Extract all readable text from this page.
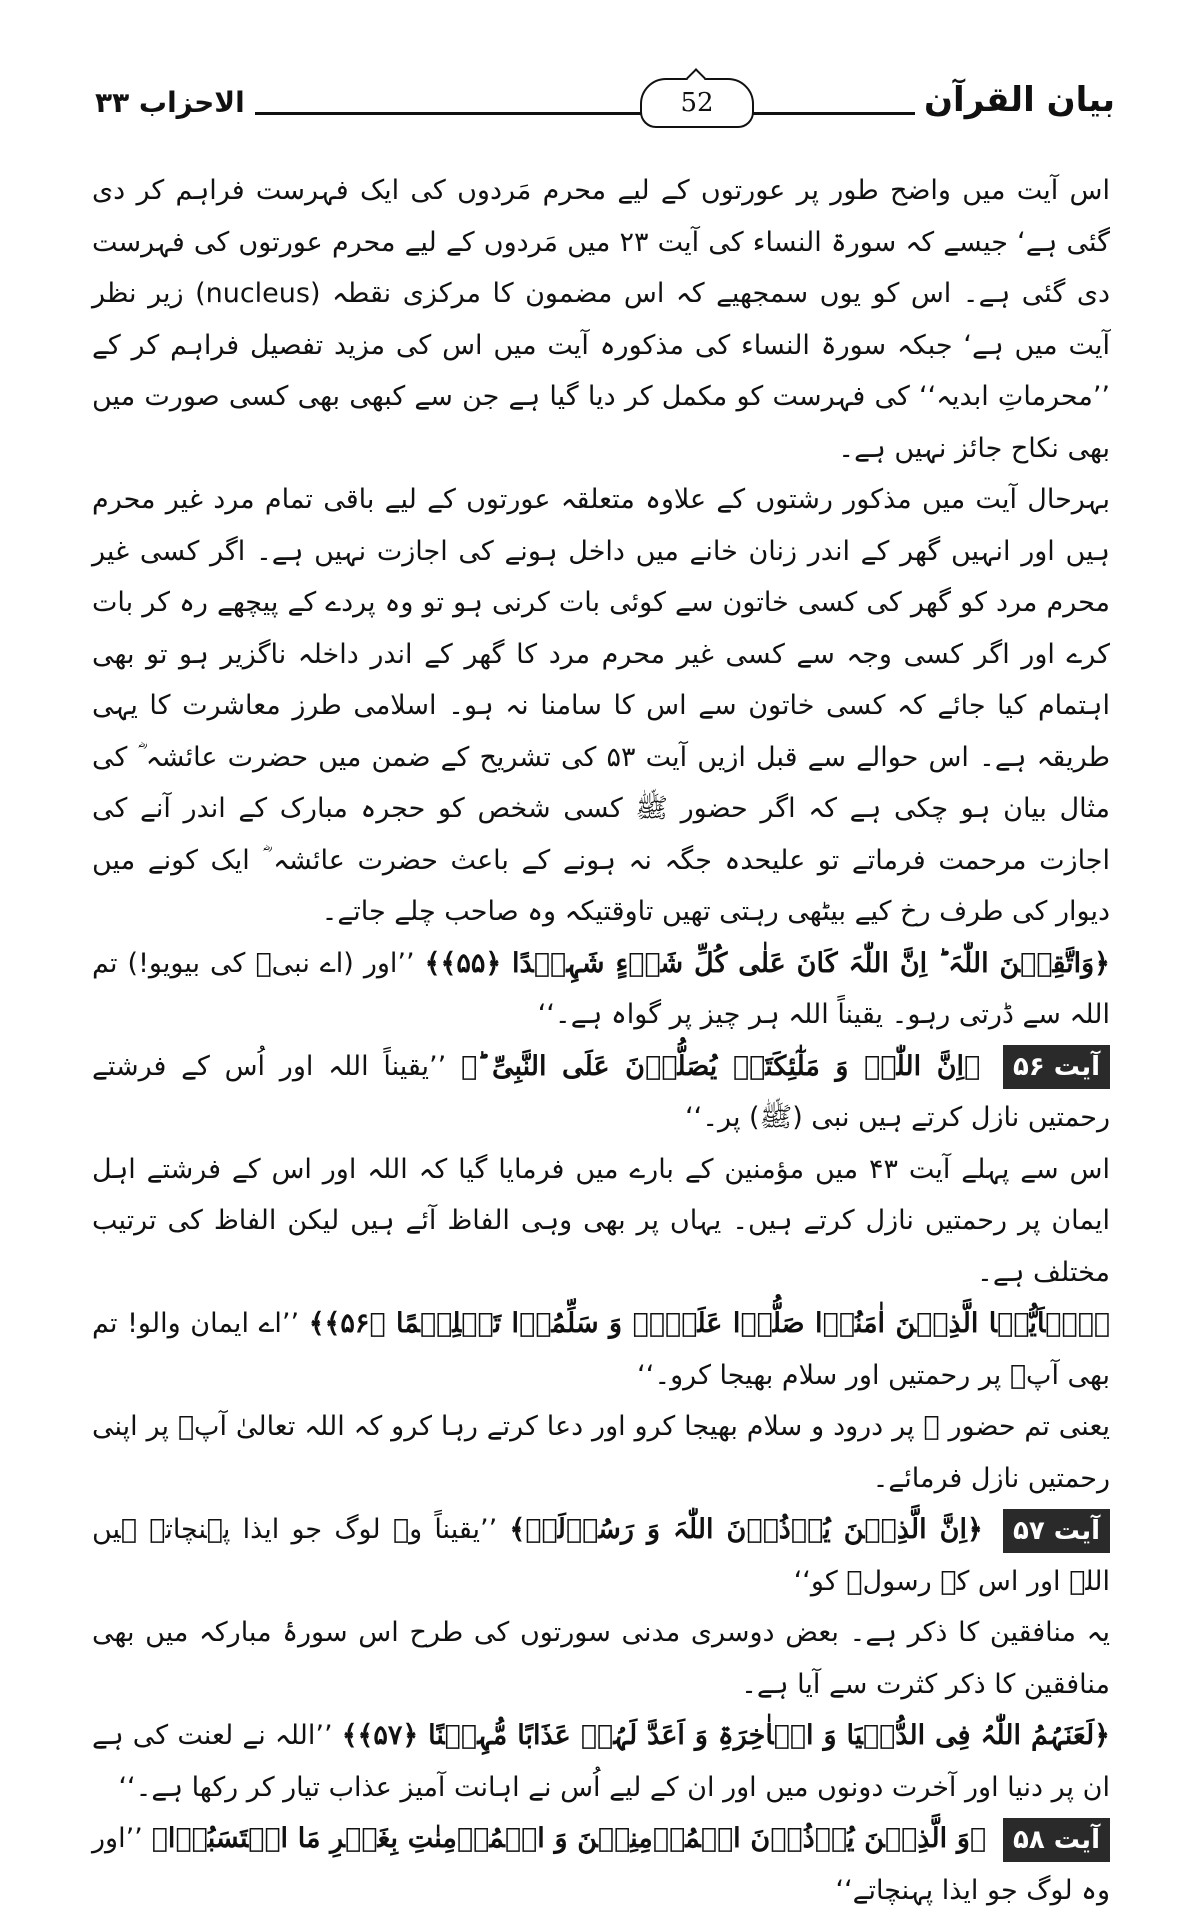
الاحزاب ۳۳	52	بیان القرآن

اس آیت میں واضح طور پر عورتوں کے لیے محرم مَردوں کی ایک فہرست فراہم کر دی گئی ہے‘ جیسے کہ سورۃ النساء کی آیت ۲۳ میں مَردوں کے لیے محرم عورتوں کی فہرست دی گئی ہے۔ اس کو یوں سمجھیے کہ اس مضمون کا مرکزی نقطہ (nucleus) زیر نظر آیت میں ہے‘ جبکہ سورۃ النساء کی مذکورہ آیت میں اس کی مزید تفصیل فراہم کر کے ’’محرماتِ ابدیہ‘‘ کی فہرست کو مکمل کر دیا گیا ہے جن سے کبھی بھی کسی صورت میں بھی نکاح جائز نہیں ہے۔

بہرحال آیت میں مذکور رشتوں کے علاوہ متعلقہ عورتوں کے لیے باقی تمام مرد غیر محرم ہیں اور انہیں گھر کے اندر زنان خانے میں داخل ہونے کی اجازت نہیں ہے۔ اگر کسی غیر محرم مرد کو گھر کی کسی خاتون سے کوئی بات کرنی ہو تو وہ پردے کے پیچھے رہ کر بات کرے اور اگر کسی وجہ سے کسی غیر محرم مرد کا گھر کے اندر داخلہ ناگزیر ہو تو بھی اہتمام کیا جائے کہ کسی خاتون سے اس کا سامنا نہ ہو۔ اسلامی طرز معاشرت کا یہی طریقہ ہے۔ اس حوالے سے قبل ازیں آیت ۵۳ کی تشریح کے ضمن میں حضرت عائشہ ؓ کی مثال بیان ہو چکی ہے کہ اگر حضور ﷺ کسی شخص کو حجرہ مبارک کے اندر آنے کی اجازت مرحمت فرماتے تو علیحدہ جگہ نہ ہونے کے باعث حضرت عائشہ ؓ ایک کونے میں دیوار کی طرف رخ کیے بیٹھی رہتی تھیں تاوقتیکہ وہ صاحب چلے جاتے۔

﴿وَاتَّقِیۡنَ اللّٰہَ ؕ اِنَّ اللّٰہَ کَانَ عَلٰی کُلِّ شَیۡءٍ شَہِیۡدًا ﴿۵۵﴾﴾ ’’اور (اے نبیؐ کی بیویو!) تم اللہ سے ڈرتی رہو۔ یقیناً اللہ ہر چیز پر گواہ ہے۔‘‘

آیت ۵۶ ﴿اِنَّ اللّٰہَ وَ مَلٰٓئِکَتَہٗ یُصَلُّوۡنَ عَلَی النَّبِیِّ ؕ﴾ ’’یقیناً اللہ اور اُس کے فرشتے رحمتیں نازل کرتے ہیں نبی (ﷺ) پر۔‘‘

اس سے پہلے آیت ۴۳ میں مؤمنین کے بارے میں فرمایا گیا کہ اللہ اور اس کے فرشتے اہل ایمان پر رحمتیں نازل کرتے ہیں۔ یہاں پر بھی وہی الفاظ آئے ہیں لیکن الفاظ کی ترتیب مختلف ہے۔

﴿یٰۤاَیُّہَا الَّذِیۡنَ اٰمَنُوۡا صَلُّوۡا عَلَیۡہِ وَ سَلِّمُوۡا تَسۡلِیۡمًا ﴿۵۶﴾﴾ ’’اے ایمان والو! تم بھی آپؐ پر رحمتیں اور سلام بھیجا کرو۔‘‘

یعنی تم حضور ﷺ پر درود و سلام بھیجا کرو اور دعا کرتے رہا کرو کہ اللہ تعالیٰ آپؐ پر اپنی رحمتیں نازل فرمائے۔

آیت ۵۷ ﴿اِنَّ الَّذِیۡنَ یُؤۡذُوۡنَ اللّٰہَ وَ رَسُوۡلَہٗ﴾ ’’یقیناً وہ لوگ جو ایذا پہنچاتے ہیں اللہ اور اس کے رسولؐ کو‘‘

یہ منافقین کا ذکر ہے۔ بعض دوسری مدنی سورتوں کی طرح اس سورۂ مبارکہ میں بھی منافقین کا ذکر کثرت سے آیا ہے۔

﴿لَعَنَہُمُ اللّٰہُ فِی الدُّنۡیَا وَ الۡاٰخِرَۃِ وَ اَعَدَّ لَہُمۡ عَذَابًا مُّہِیۡنًا ﴿۵۷﴾﴾ ’’اللہ نے لعنت کی ہے ان پر دنیا اور آخرت دونوں میں اور ان کے لیے اُس نے اہانت آمیز عذاب تیار کر رکھا ہے۔‘‘

آیت ۵۸ ﴿وَ الَّذِیۡنَ یُؤۡذُوۡنَ الۡمُؤۡمِنِیۡنَ وَ الۡمُؤۡمِنٰتِ بِغَیۡرِ مَا اکۡتَسَبُوۡا﴾ ’’اور وہ لوگ جو ایذا پہنچاتے‘‘
